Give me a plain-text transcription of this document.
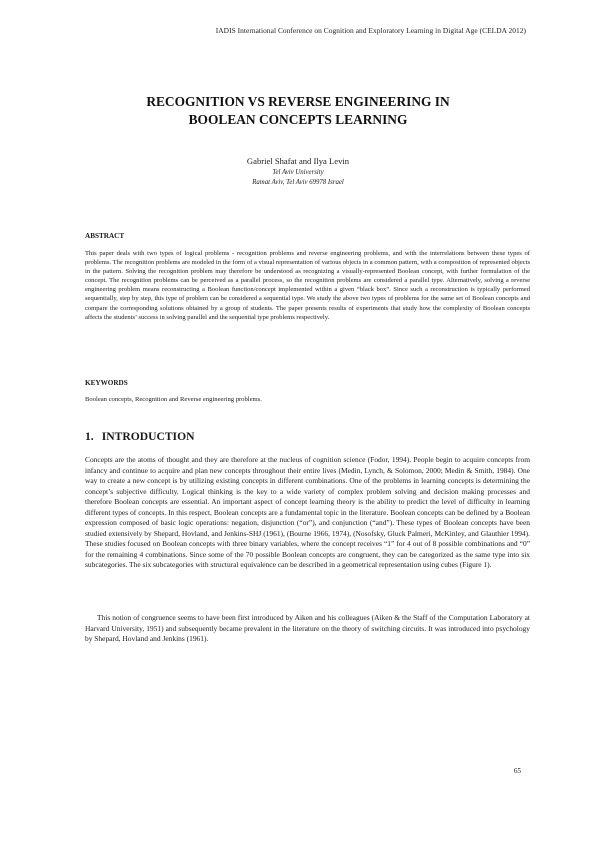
IADIS International Conference on Cognition and Exploratory Learning in Digital Age (CELDA 2012)
RECOGNITION VS REVERSE ENGINEERING IN
BOOLEAN CONCEPTS LEARNING
Gabriel Shafat and Ilya Levin
Tel Aviv University
Ramat Aviv, Tel Aviv 69978 Israel
ABSTRACT

This paper deals with two types of logical problems - recognition problems and reverse engineering problems, and with the interrelations between these types of problems. The recognition problems are modeled in the form of a visual representation of various objects in a common pattern, with a composition of represented objects in the pattern. Solving the recognition problem may therefore be understood as recognizing a visually-represented Boolean concept, with further formulation of the concept. The recognition problems can be perceived as a parallel process, so the recognition problems are considered a parallel type. Alternatively, solving a reverse engineering problem means reconstructing a Boolean function/concept implemented within a given “black box”. Since such a reconstruction is typically performed sequentially, step by step, this type of problem can be considered a sequential type. We study the above two types of problems for the same set of Boolean concepts and compare the corresponding solutions obtained by a group of students. The paper presents results of experiments that study how the complexity of Boolean concepts affects the students’ success in solving parallel and the sequential type problems respectively.

KEYWORDS

Boolean concepts, Recognition and Reverse engineering problems.

1. INTRODUCTION

Concepts are the atoms of thought and they are therefore at the nucleus of cognition science (Fodor, 1994). People begin to acquire concepts from infancy and continue to acquire and plan new concepts throughout their entire lives (Medin, Lynch, & Solomon, 2000; Medin & Smith, 1984). One way to create a new concept is by utilizing existing concepts in different combinations. One of the problems in learning concepts is determining the concept’s subjective difficulty. Logical thinking is the key to a wide variety of complex problem solving and decision making processes and therefore Boolean concepts are essential. An important aspect of concept learning theory is the ability to predict the level of difficulty in learning different types of concepts. In this respect, Boolean concepts are a fundamental topic in the literature. Boolean concepts can be defined by a Boolean expression composed of basic logic operations: negation, disjunction (“or”), and conjunction (“and”). These types of Boolean concepts have been studied extensively by Shepard, Hovland, and Jenkins-SHJ (1961), (Bourne 1966, 1974), (Nosofsky, Gluck Palmeri, McKinley, and Glauthier 1994). These studies focused on Boolean concepts with three binary variables, where the concept receives “1” for 4 out of 8 possible combinations and “0” for the remaining 4 combinations. Since some of the 70 possible Boolean concepts are congruent, they can be categorized as the same type into six subcategories. The six subcategories with structural equivalence can be described in a geometrical representation using cubes (Figure 1).

This notion of congruence seems to have been first introduced by Aiken and his colleagues (Aiken & the Staff of the Computation Laboratory at Harvard University, 1951) and subsequently became prevalent in the literature on the theory of switching circuits. It was introduced into psychology by Shepard, Hovland and Jenkins (1961).

65
